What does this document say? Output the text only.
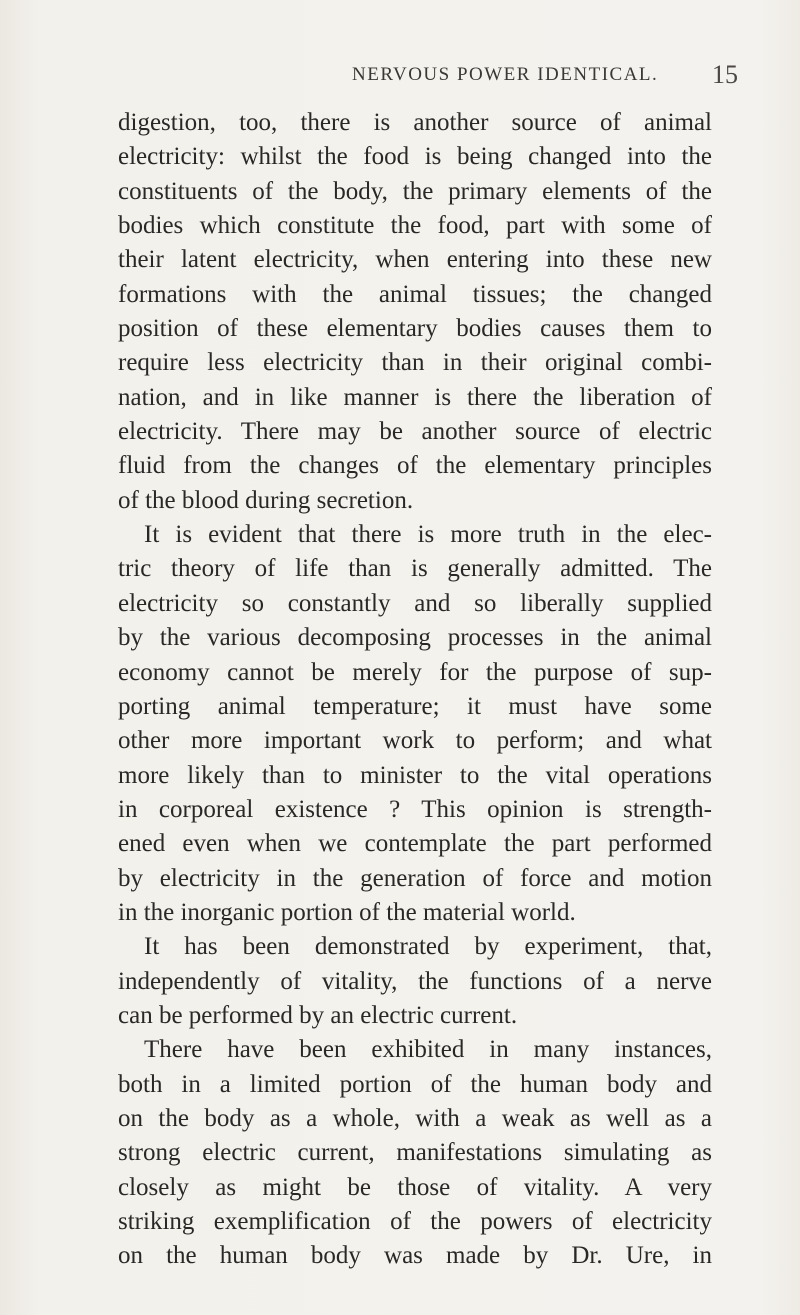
NERVOUS POWER IDENTICAL. 15
digestion, too, there is another source of animal
electricity: whilst the food is being changed into the
constituents of the body, the primary elements of the
bodies which constitute the food, part with some of
their latent electricity, when entering into these new
formations with the animal tissues; the changed
position of these elementary bodies causes them to
require less electricity than in their original combi-
nation, and in like manner is there the liberation of
electricity. There may be another source of electric
fluid from the changes of the elementary principles
of the blood during secretion.
It is evident that there is more truth in the elec-
tric theory of life than is generally admitted. The
electricity so constantly and so liberally supplied
by the various decomposing processes in the animal
economy cannot be merely for the purpose of sup-
porting animal temperature; it must have some
other more important work to perform; and what
more likely than to minister to the vital operations
in corporeal existence ? This opinion is strength-
ened even when we contemplate the part performed
by electricity in the generation of force and motion
in the inorganic portion of the material world.
It has been demonstrated by experiment, that,
independently of vitality, the functions of a nerve
can be performed by an electric current.
There have been exhibited in many instances,
both in a limited portion of the human body and
on the body as a whole, with a weak as well as a
strong electric current, manifestations simulating as
closely as might be those of vitality. A very
striking exemplification of the powers of electricity
on the human body was made by Dr. Ure, in
